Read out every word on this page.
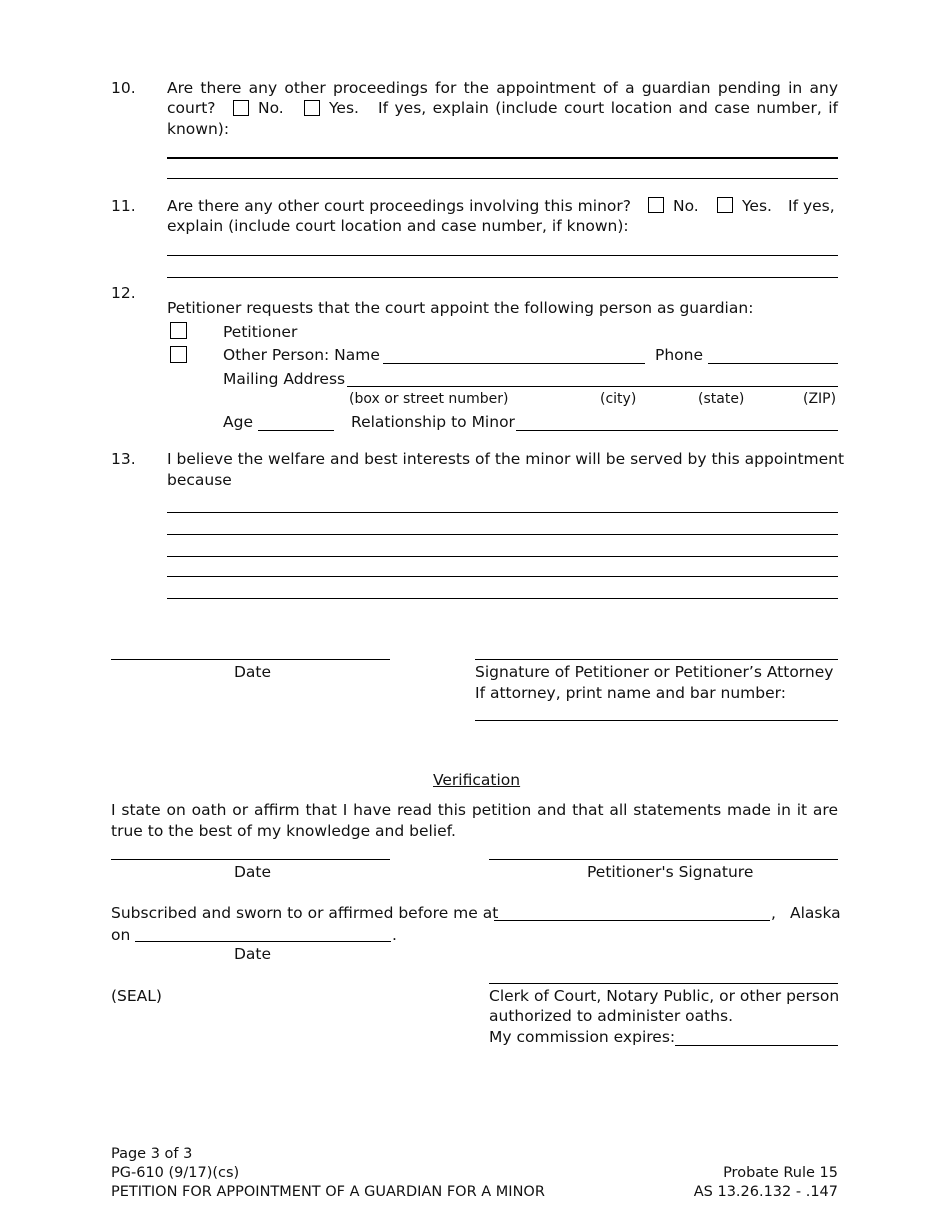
10. Are there any other proceedings for the appointment of a guardian pending in any
court?	No.	Yes. If yes, explain (include court location and case number, if
known):
11. Are there any other court proceedings involving this minor?	No.	Yes. If yes,
explain (include court location and case number, if known):
12.
Petitioner requests that the court appoint the following person as guardian:
Petitioner
Other Person: Name	Phone
Mailing Address
(box or street number)	(city)	(state)	(ZIP)
Age	Relationship to Minor
13. I believe the welfare and best interests of the minor will be served by this appointment
because
Date	Signature of Petitioner or Petitioner’s Attorney
If attorney, print name and bar number:
Verification
I state on oath or affirm that I have read this petition and that all statements made in it are
true to the best of my knowledge and belief.
Date	Petitioner's Signature
Subscribed and sworn to or affirmed before me at	, Alaska
on	.
Date
(SEAL)	Clerk of Court, Notary Public, or other person
authorized to administer oaths.
My commission expires:
Page 3 of 3
PG-610 (9/17)(cs)
PETITION FOR APPOINTMENT OF A GUARDIAN FOR A MINOR
Probate Rule 15
AS 13.26.132 - .147
